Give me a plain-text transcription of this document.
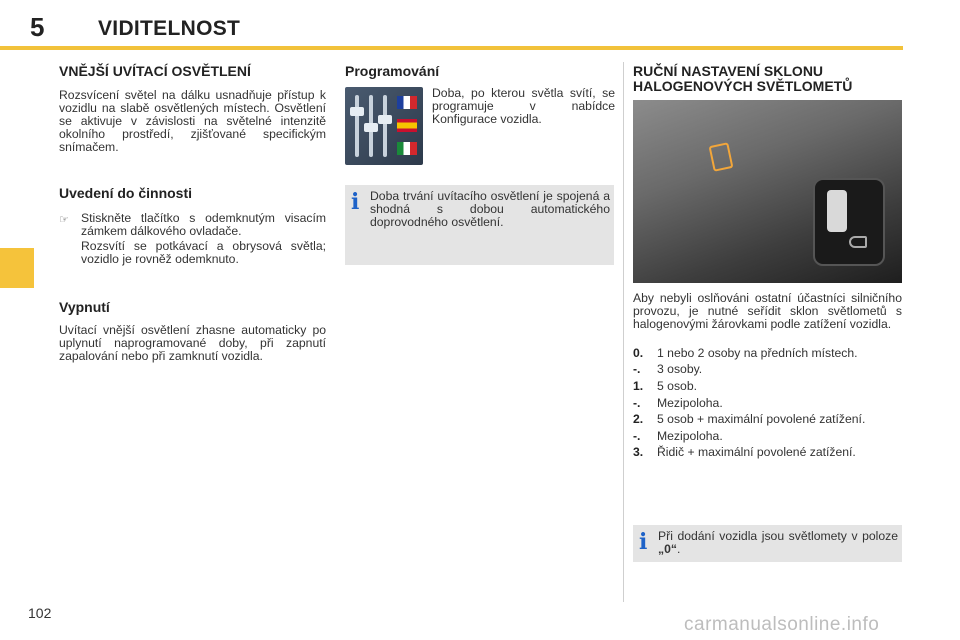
5	VIDITELNOST
VNĚJŠÍ UVÍTACÍ OSVĚTLENÍ
Rozsvícení světel na dálku usnadňuje přístup k vozidlu na slabě osvětlených místech. Osvětlení se aktivuje v závislosti na světelné intenzitě okolního prostředí, zjišťované specifickým snímačem.
Uvedení do činnosti
☞ Stiskněte tlačítko s odemknutým visacím zámkem dálkového ovladače.
Rozsvítí se potkávací a obrysová světla; vozidlo je rovněž odemknuto.
Vypnutí
Uvítací vnější osvětlení zhasne automaticky po uplynutí naprogramované doby, při zapnutí zapalování nebo při zamknutí vozidla.
Programování
Doba, po kterou světla svítí, se programuje v nabídce Konfigurace vozidla.
i Doba trvání uvítacího osvětlení je spojená a shodná s dobou automatického doprovodného osvětlení.
RUČNÍ NASTAVENÍ SKLONU
HALOGENOVÝCH SVĚTLOMETŮ
Aby nebyli oslňováni ostatní účastníci silničního provozu, je nutné seřídit sklon světlometů s halogenovými žárovkami podle zatížení vozidla.
0. 1 nebo 2 osoby na předních místech.
-. 3 osoby.
1. 5 osob.
-. Mezipoloha.
2. 5 osob + maximální povolené zatížení.
-. Mezipoloha.
3. Řidič + maximální povolené zatížení.
i Při dodání vozidla jsou světlomety v poloze „0“.
102
carmanualsonline.info
